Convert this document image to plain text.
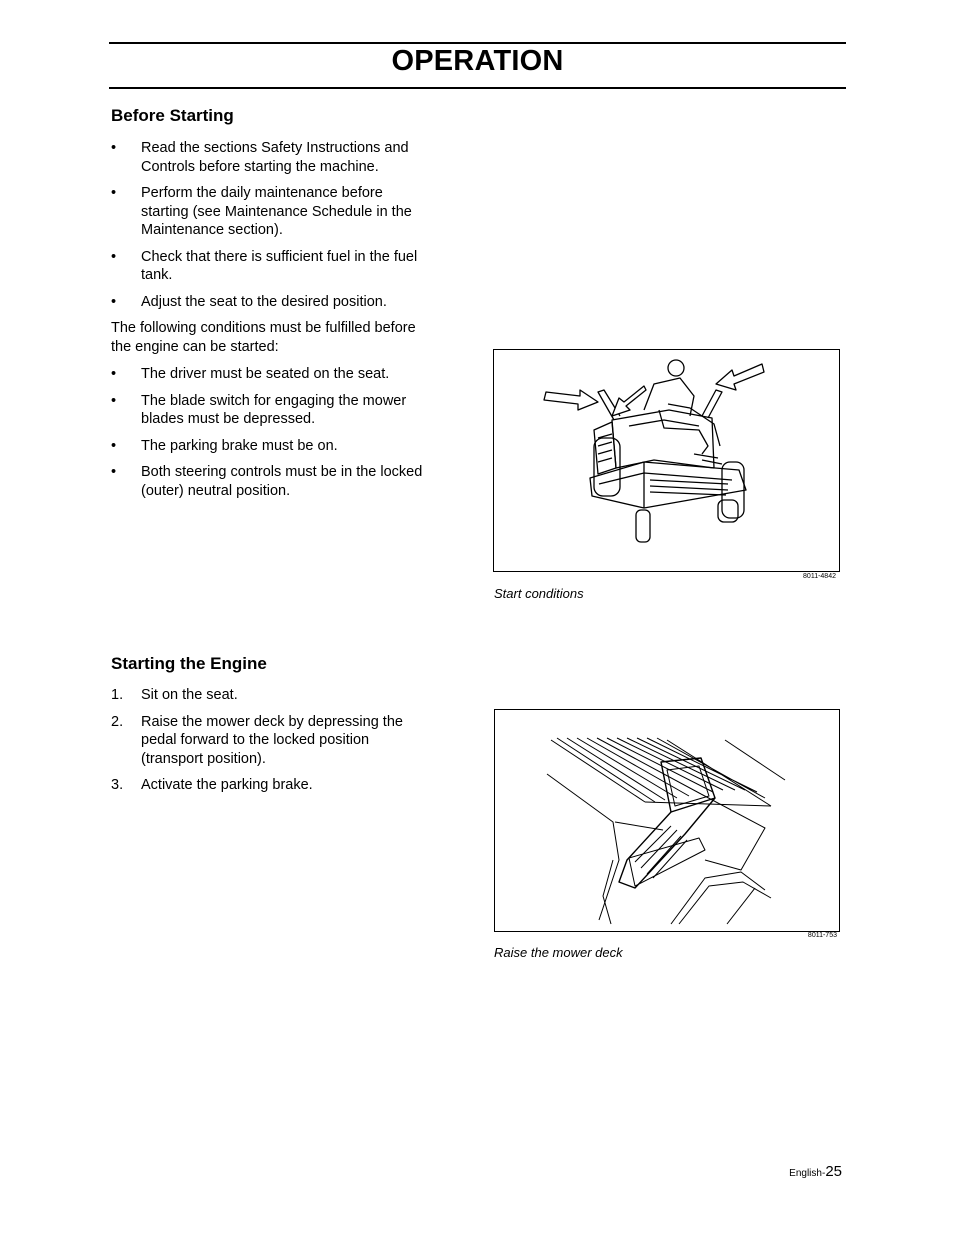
OPERATION
Before Starting
• Read the sections Safety Instructions and Controls before starting the machine.
• Perform the daily maintenance before starting (see Maintenance Schedule in the Maintenance section).
• Check that there is sufficient fuel in the fuel tank.
• Adjust the seat to the desired position.

The following conditions must be fulfilled before the engine can be started:

• The driver must be seated on the seat.
• The blade switch for engaging the mower blades must be depressed.
• The parking brake must be on.
• Both steering controls must be in the locked (outer) neutral position.
8011-4842
Start conditions
Starting the Engine
1. Sit on the seat.
2. Raise the mower deck by depressing the pedal forward to the locked position (transport position).
3. Activate the parking brake.
8011-753
Raise the mower deck
English-25
